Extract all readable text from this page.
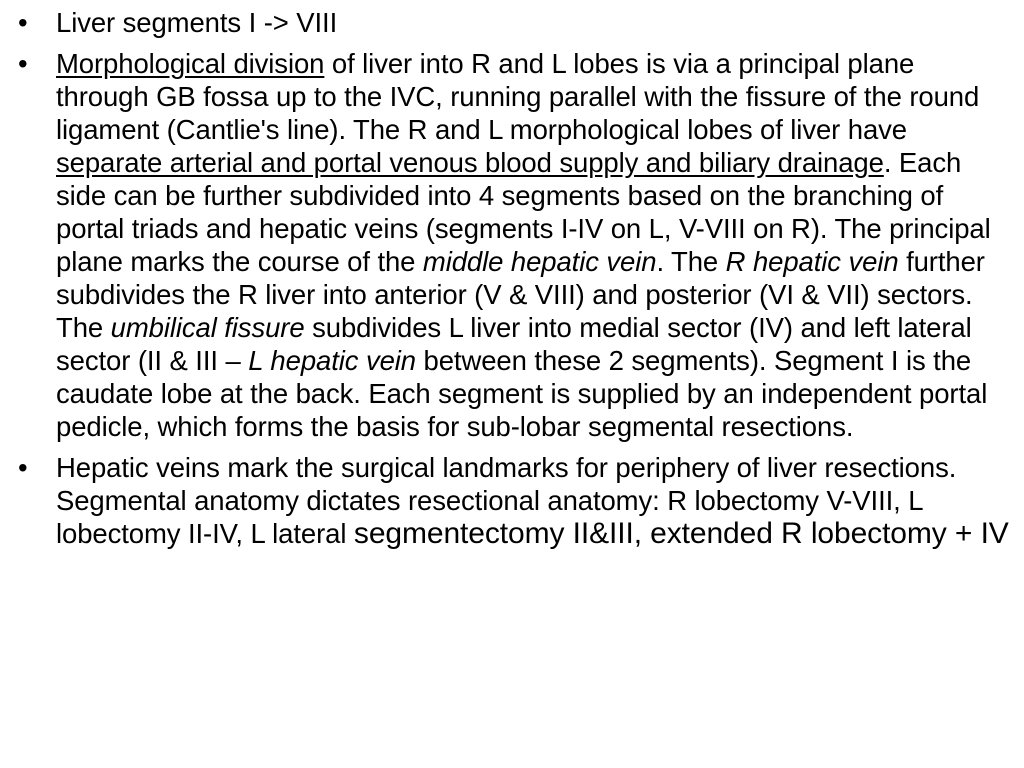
•	Liver segments I -> VIII
•	Morphological division of liver into R and L lobes is via a principal plane through GB fossa up to the IVC, running parallel with the fissure of the round ligament (Cantlie's line). The R and L morphological lobes of liver have separate arterial and portal venous blood supply and biliary drainage. Each side can be further subdivided into 4 segments based on the branching of portal triads and hepatic veins (segments I-IV on L, V-VIII on R). The principal plane marks the course of the middle hepatic vein. The R hepatic vein further subdivides the R liver into anterior (V & VIII) and posterior (VI & VII) sectors. The umbilical fissure subdivides L liver into medial sector (IV) and left lateral sector (II & III – L hepatic vein between these 2 segments). Segment I is the caudate lobe at the back. Each segment is supplied by an independent portal pedicle, which forms the basis for sub-lobar segmental resections.
•	Hepatic veins mark the surgical landmarks for periphery of liver resections. Segmental anatomy dictates resectional anatomy: R lobectomy V-VIII, L lobectomy II-IV, L lateral segmentectomy II&III, extended R lobectomy + IV
